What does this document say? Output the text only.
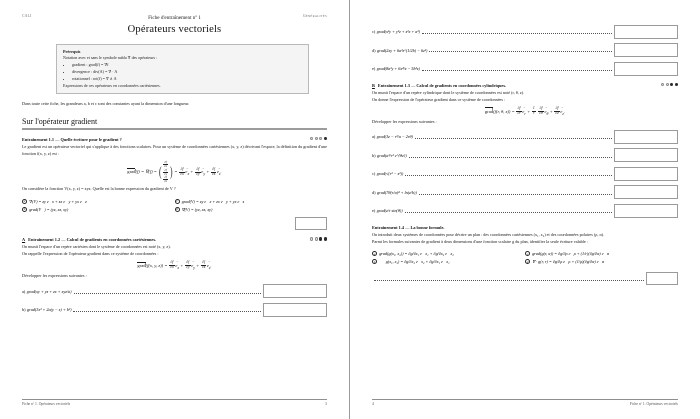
CALI	Généralités
Fiche d'entraînement nº 1
Opérateurs vectoriels
Prérequis
Notation avec et sans le symbole nabla ∇ des opérateurs :
• gradient : grad(f) = ∇f
• divergence : div(A) = ∇ · A
• rotationnel : rot(f) = ∇ ∧ A
Expressions de ces opérateurs en coordonnées cartésiennes.
Dans toute cette fiche, les grandeurs a, b et c sont des constantes ayant la dimension d'une longueur.
Sur l'opérateur gradient
Entraînement 1.1 — Quelle écriture pour le gradient ?

Le gradient est un opérateur vectoriel qui s'applique à des fonctions scalaires. Pour un système de coordonnées cartésiennes (x, y, z) décrivant l'espace, la définition du gradient d'une fonction f(x, y, z) est :

grad(f) = ∇(f) = ( $\frac{\partial f}{\partial x}$
$\frac{\partial f}{\partial y}$
$\frac{\partial f}{\partial z}$
) = $\frac{\partial f}{\partial x} \to e_x + \frac{\partial f}{\partial y} \to e_y + \frac{\partial f}{\partial z} \to e_z$.

On considère la fonction V(x, y, z) = xyz. Quelle est la bonne expression du gradient de V ?

a ∇(V) = zy e⃗x + zx e⃗y + yx e⃗z
b grad(V⃗) = (yz, xz, xy)
c grad(V) = zy e⃗x + zx e⃗y + yx e⃗z
d ∇(V) = (yz, xz, xy)
A Entraînement 1.2 — Calcul de gradients en coordonnées cartésiennes.

On munit l'espace d'un repère cartésien dont le système de coordonnées est noté (x, y, z).

On rappelle l'expression de l'opérateur gradient dans ce système de coordonnées :

grad(f(x, y, $z)) = \frac{\partial f}{\partial x} \to e_x + \frac{\partial f}{\partial y} \to e_y + \frac{\partial f}{\partial z} \to e_z$.

Développer les expressions suivantes :

a) grad(xy + yz + zx + xyz/a)
b) grad(3x³ + 2a(y − z) + b³)
Fiche nº 1. Opérateurs vectoriels	3
c) grad(x²y + y²z + z²x + a²)
d) grad(2xy + 6a²z^(1/2b) − 6z²)
e) grad(8a²y + 6x⁴/z − 5b²z)
B Entraînement 1.3 — Calcul de gradients en coordonnées cylindriques.

On munit l'espace d'un repère cylindrique dont le système de coordonnées est noté (r, θ, z).

On donne l'expression de l'opérateur gradient dans ce système de coordonnées :

grad(f(r, θ, $z)) = \frac{\partial f}{\partial r} \to e_r + \frac{1}{r}$
$\frac{\partial f}{\partial\theta} \to e_\theta + \frac{\partial f}{\partial z} \to e_z$.

Développer les expressions suivantes :

a) grad(3z − r²/a − 2rθ)
b) grad(a³/r² e^{θz})
c) grad(√(r² − z²))
d) grad(7θ(r/a)⁴ + ln(z/b))
e) grad(z/r sin(θ))
Entraînement 1.4 — La bonne formule.

On introduit deux systèmes de coordonnées pour décrire un plan : des coordonnées cartésiennes (x₁, x₂) et des coordonnées polaires (ρ, α).

Parmi les formules suivantes de gradient à deux dimensions d'une fonction scalaire g du plan, identifier la seule écriture valable :

a grad(g(x₁, x₂)) = ∂g/∂x₁ e⃗x₁ + ∂g/∂x₂ e⃗x₂
b ∇⃗g(x₁, x₂) = ∂g/∂x₂ e⃗x₂ + ∂g/∂x₁ e⃗x₁
c grad(g(r, α)) = ∂g/∂ρ e⃗ρ + (1/r)(∂g/∂α) e⃗α
d ∇ · g(r, r) = ∂g/∂ρ e⃗ρ + (1/ρ)(∂g/∂α) e⃗α
4	Fiche nº 1. Opérateurs vectoriels
